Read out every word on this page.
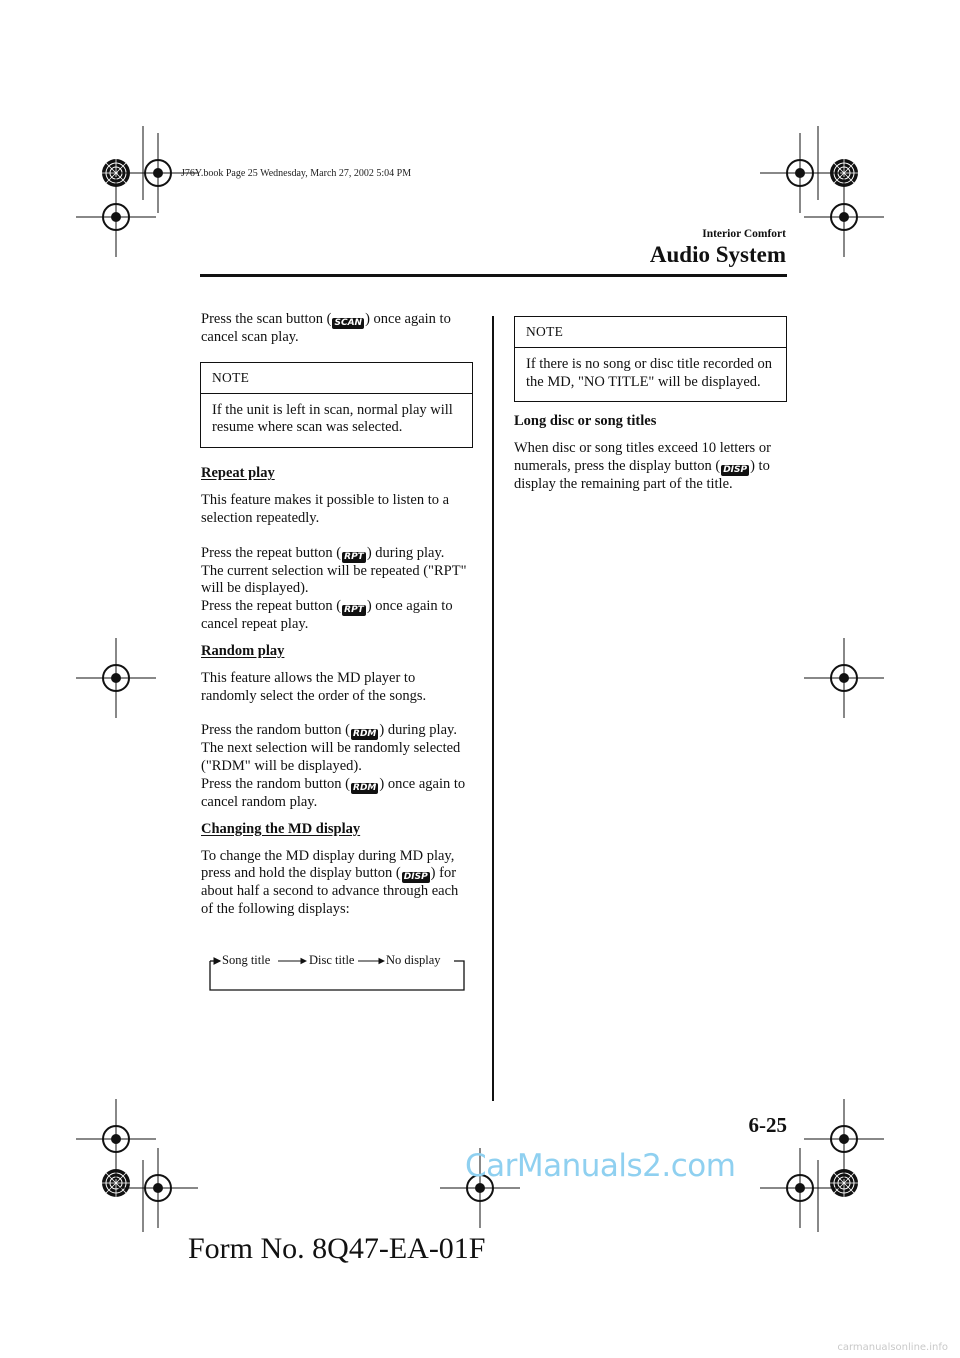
J76Y.book Page 25 Wednesday, March 27, 2002 5:04 PM
Interior Comfort
Audio System

Press the scan button ( SCAN ) once again to cancel scan play.

NOTE
If the unit is left in scan, normal play will resume where scan was selected.

Repeat play

This feature makes it possible to listen to a selection repeatedly.

Press the repeat button ( RPT ) during play.

The current selection will be repeated ("RPT" will be displayed).

Press the repeat button ( RPT ) once again to cancel repeat play.

Random play

This feature allows the MD player to randomly select the order of the songs.

Press the random button ( RDM ) during play. The next selection will be randomly selected ("RDM" will be displayed).

Press the random button ( RDM ) once again to cancel random play.

Changing the MD display

To change the MD display during MD play, press and hold the display button ( DISP ) for about half a second to advance through each of the following displays:

Song title	Disc title	No display
NOTE
If there is no song or disc title recorded on the MD, "NO TITLE" will be displayed.

Long disc or song titles

When disc or song titles exceed 10 letters or numerals, press the display button ( DISP ) to display the remaining part of the title.

6-25
CarManuals2.com
Form No. 8Q47-EA-01F
carmanualsonline.info
